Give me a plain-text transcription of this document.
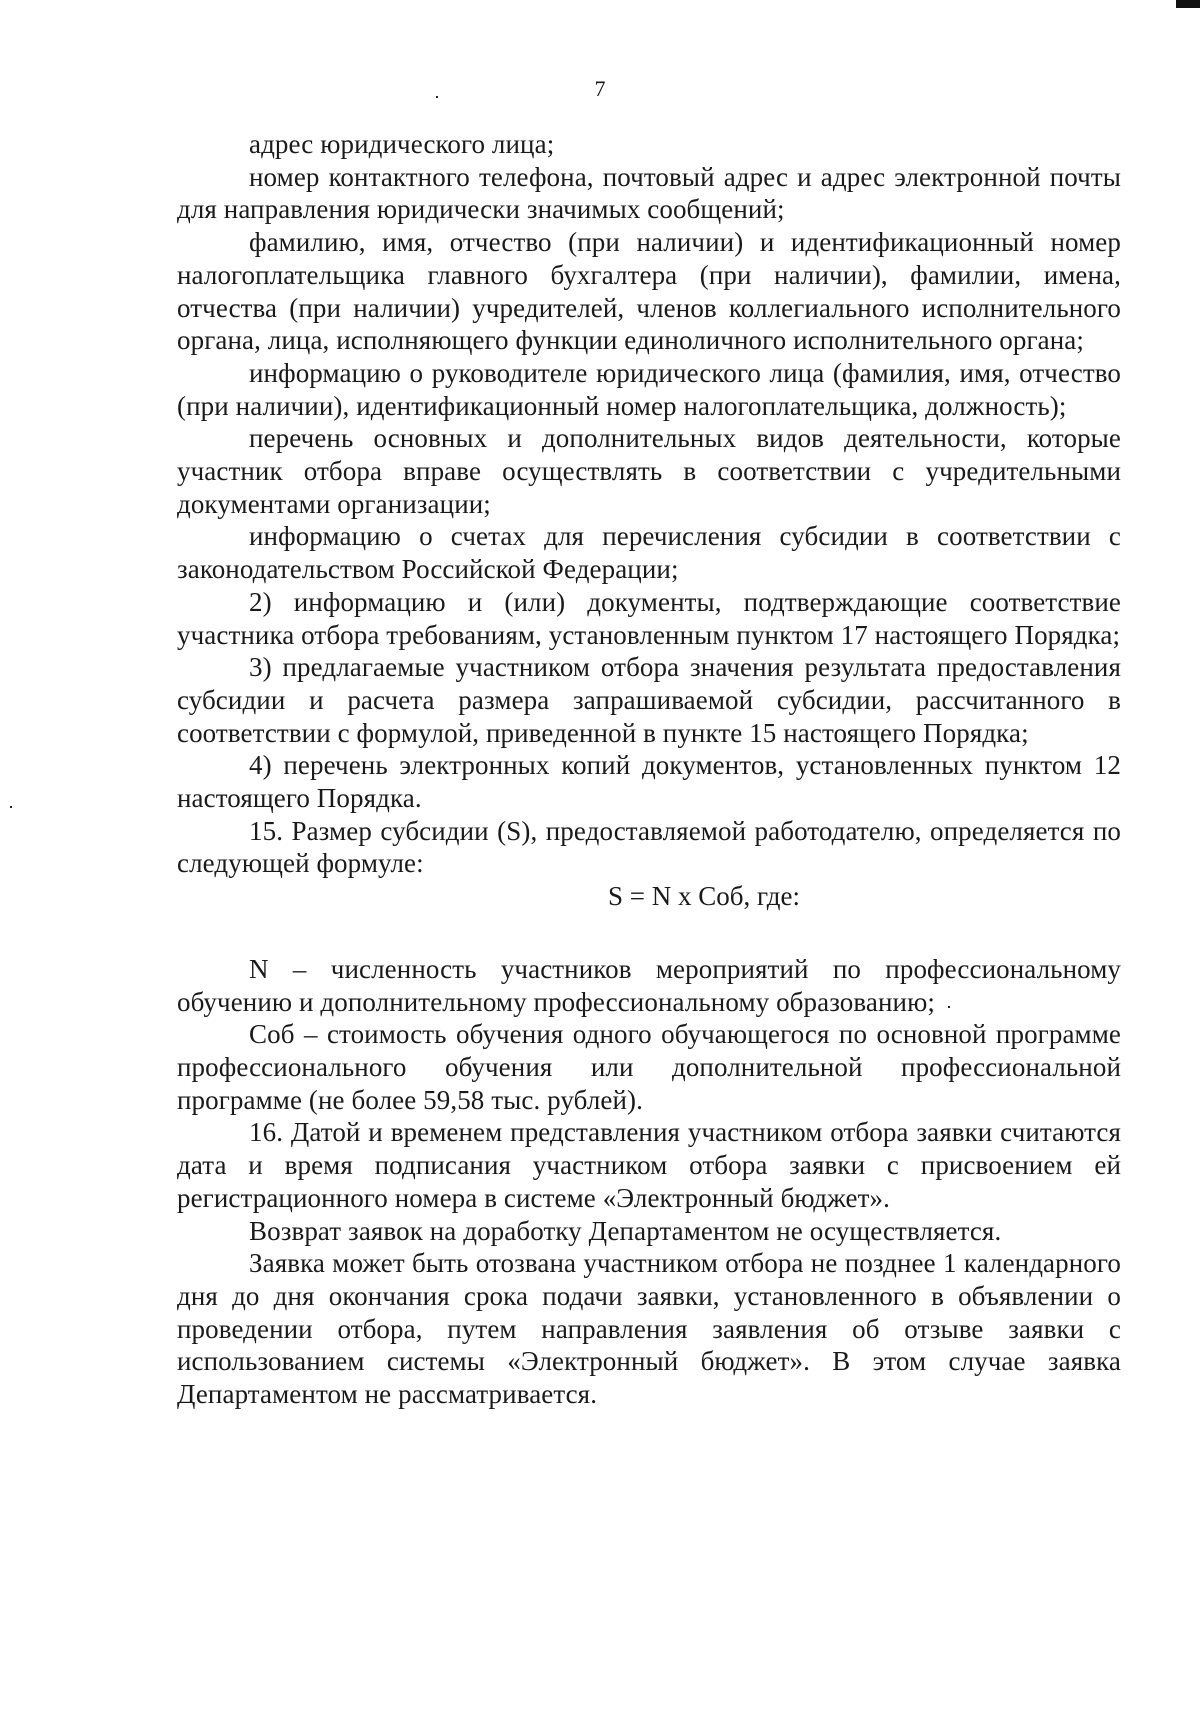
7

адрес юридического лица;

номер контактного телефона, почтовый адрес и адрес электронной почты для направления юридически значимых сообщений;

фамилию, имя, отчество (при наличии) и идентификационный номер налогоплательщика главного бухгалтера (при наличии), фамилии, имена, отчества (при наличии) учредителей, членов коллегиального исполнительного органа, лица, исполняющего функции единоличного исполнительного органа;

информацию о руководителе юридического лица (фамилия, имя, отчество (при наличии), идентификационный номер налогоплательщика, должность);

перечень основных и дополнительных видов деятельности, которые участник отбора вправе осуществлять в соответствии с учредительными документами организации;

информацию о счетах для перечисления субсидии в соответствии с законодательством Российской Федерации;

2) информацию и (или) документы, подтверждающие соответствие участника отбора требованиям, установленным пунктом 17 настоящего Порядка;

3) предлагаемые участником отбора значения результата предоставления субсидии и расчета размера запрашиваемой субсидии, рассчитанного в соответствии с формулой, приведенной в пункте 15 настоящего Порядка;

4) перечень электронных копий документов, установленных пунктом 12 настоящего Порядка.

15. Размер субсидии (S), предоставляемой работодателю, определяется по следующей формуле:

S = N х Соб, где:

N – численность участников мероприятий по профессиональному обучению и дополнительному профессиональному образованию;

Соб – стоимость обучения одного обучающегося по основной программе профессионального обучения или дополнительной профессиональной программе (не более 59,58 тыс. рублей).

16. Датой и временем представления участником отбора заявки считаются дата и время подписания участником отбора заявки с присвоением ей регистрационного номера в системе «Электронный бюджет».

Возврат заявок на доработку Департаментом не осуществляется.

Заявка может быть отозвана участником отбора не позднее 1 календарного дня до дня окончания срока подачи заявки, установленного в объявлении о проведении отбора, путем направления заявления об отзыве заявки с использованием системы «Электронный бюджет». В этом случае заявка Департаментом не рассматривается.
